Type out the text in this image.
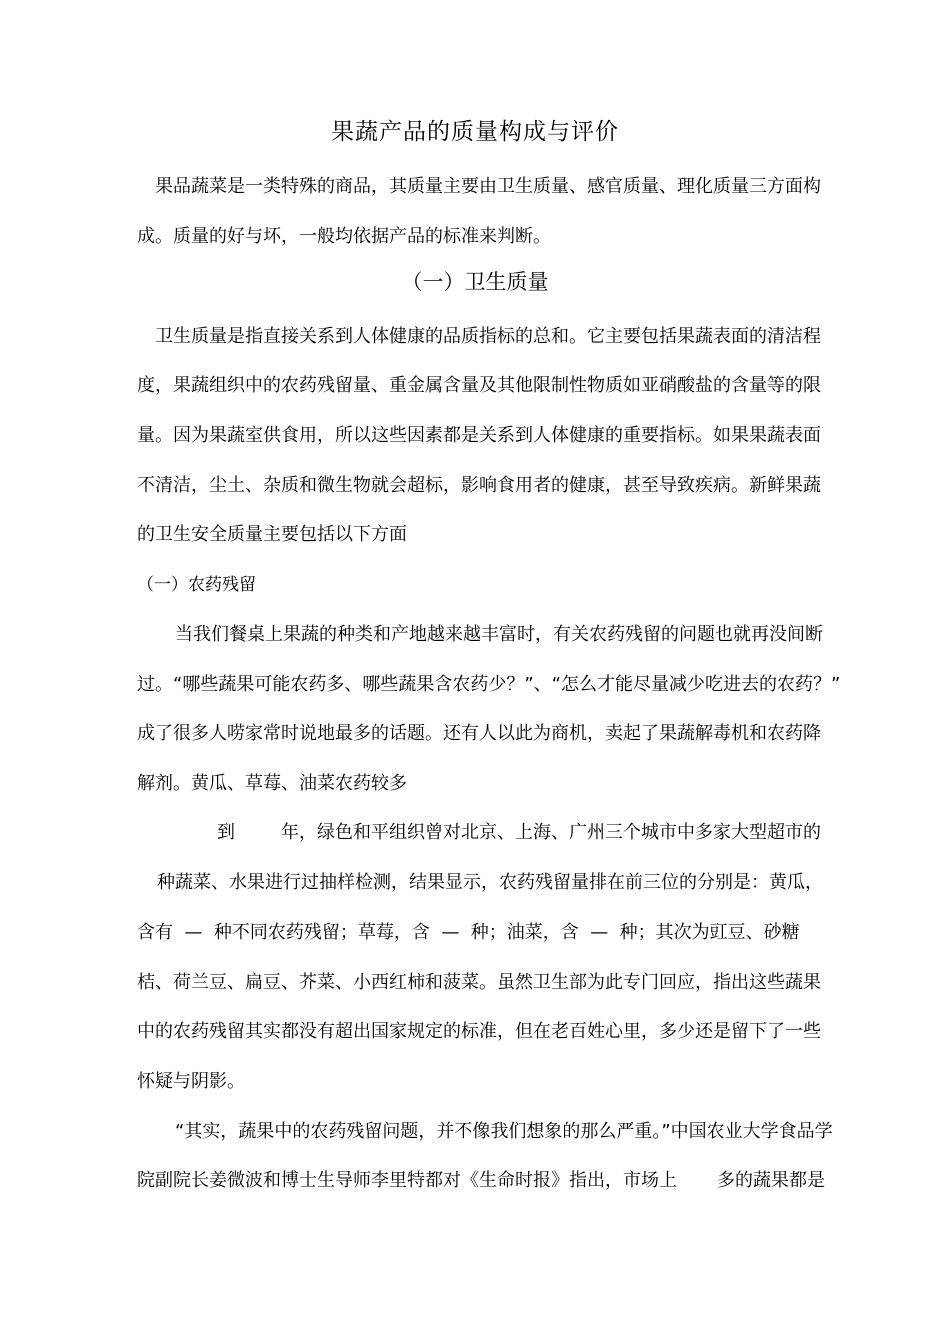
果蔬产品的质量构成与评价
果品蔬菜是一类特殊的商品，其质量主要由卫生质量、感官质量、理化质量三方面构
成。质量的好与坏，一般均依据产品的标准来判断。
（一）卫生质量
卫生质量是指直接关系到人体健康的品质指标的总和。它主要包括果蔬表面的清洁程
度，果蔬组织中的农药残留量、重金属含量及其他限制性物质如亚硝酸盐的含量等的限
量。因为果蔬室供食用，所以这些因素都是关系到人体健康的重要指标。如果果蔬表面
不清洁，尘土、杂质和微生物就会超标，影响食用者的健康，甚至导致疾病。新鲜果蔬
的卫生安全质量主要包括以下方面
（一）农药残留
当我们餐桌上果蔬的种类和产地越来越丰富时，有关农药残留的问题也就再没间断
过。“哪些蔬果可能农药多、哪些蔬果含农药少？”、“怎么才能尽量减少吃进去的农药？”
成了很多人唠家常时说地最多的话题。还有人以此为商机，卖起了果蔬解毒机和农药降
解剂。黄瓜、草莓、油菜农药较多
到	年，绿色和平组织曾对北京、上海、广州三个城市中多家大型超市的
种蔬菜、水果进行过抽样检测，结果显示，农药残留量排在前三位的分别是：黄瓜，
含有  —  种不同农药残留；草莓，含  —  种；油菜，含  —  种；其次为豇豆、砂糖
桔、荷兰豆、扁豆、芥菜、小西红柿和菠菜。虽然卫生部为此专门回应，指出这些蔬果
中的农药残留其实都没有超出国家规定的标准，但在老百姓心里，多少还是留下了一些
怀疑与阴影。
“其实，蔬果中的农药残留问题，并不像我们想象的那么严重。”中国农业大学食品学
院副院长姜微波和博士生导师李里特都对《生命时报》指出，市场上 多的蔬果都是
